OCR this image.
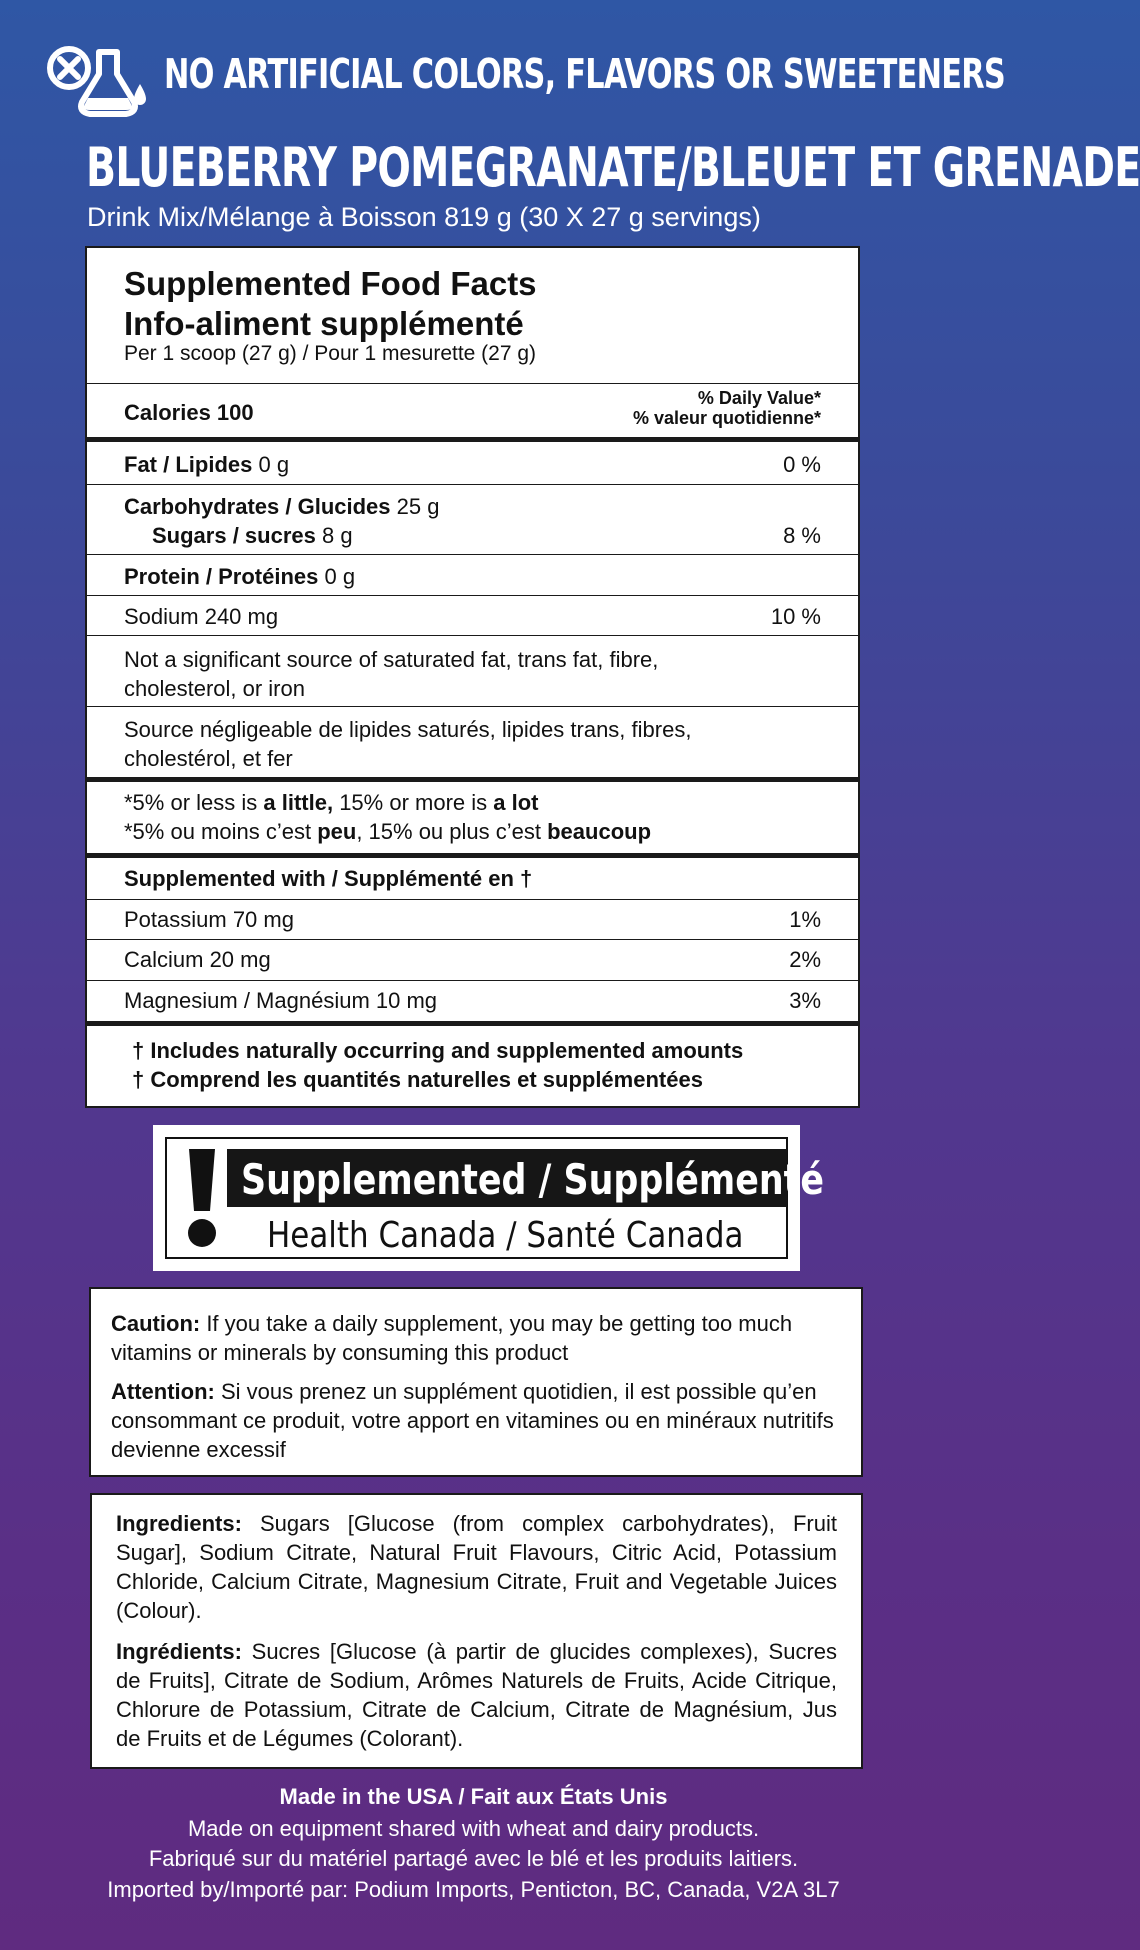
NO ARTIFICIAL COLORS, FLAVORS OR SWEETENERS
BLUEBERRY POMEGRANATE/BLEUET ET GRENADE
Drink Mix/Mélange à Boisson 819 g (30 X 27 g servings)
Supplemented Food Facts
Info-aliment supplémenté
Per 1 scoop (27 g) / Pour 1 mesurette (27 g)
Calories 100
% Daily Value*
% valeur quotidienne*
Fat / Lipides 0 g	0 %
Carbohydrates / Glucides 25 g
Sugars / sucres 8 g	8 %
Protein / Protéines 0 g
Sodium 240 mg	10 %
Not a significant source of saturated fat, trans fat, fibre,
cholesterol, or iron
Source négligeable de lipides saturés, lipides trans, fibres,
cholestérol, et fer
*5% or less is a little, 15% or more is a lot
*5% ou moins c’est peu, 15% ou plus c’est beaucoup
Supplemented with / Supplémenté en †
Potassium 70 mg	1%
Calcium 20 mg	2%
Magnesium / Magnésium 10 mg	3%
† Includes naturally occurring and supplemented amounts
† Comprend les quantités naturelles et supplémentées
Supplemented / Supplémenté
Health Canada / Santé Canada

Caution: If you take a daily supplement, you may be getting too much vitamins or minerals by consuming this product

Attention: Si vous prenez un supplément quotidien, il est possible qu’en consommant ce produit, votre apport en vitamines ou en minéraux nutritifs devienne excessif

Ingredients: Sugars [Glucose (from complex carbohydrates), Fruit Sugar], Sodium Citrate, Natural Fruit Flavours, Citric Acid, Potassium Chloride, Calcium Citrate, Magnesium Citrate, Fruit and Vegetable Juices (Colour).

Ingrédients: Sucres [Glucose (à partir de glucides complexes), Sucres de Fruits], Citrate de Sodium, Arômes Naturels de Fruits, Acide Citrique, Chlorure de Potassium, Citrate de Calcium, Citrate de Magnésium, Jus de Fruits et de Légumes (Colorant).

Made in the USA / Fait aux États Unis
Made on equipment shared with wheat and dairy products.
Fabriqué sur du matériel partagé avec le blé et les produits laitiers.
Imported by/Importé par: Podium Imports, Penticton, BC, Canada, V2A 3L7
